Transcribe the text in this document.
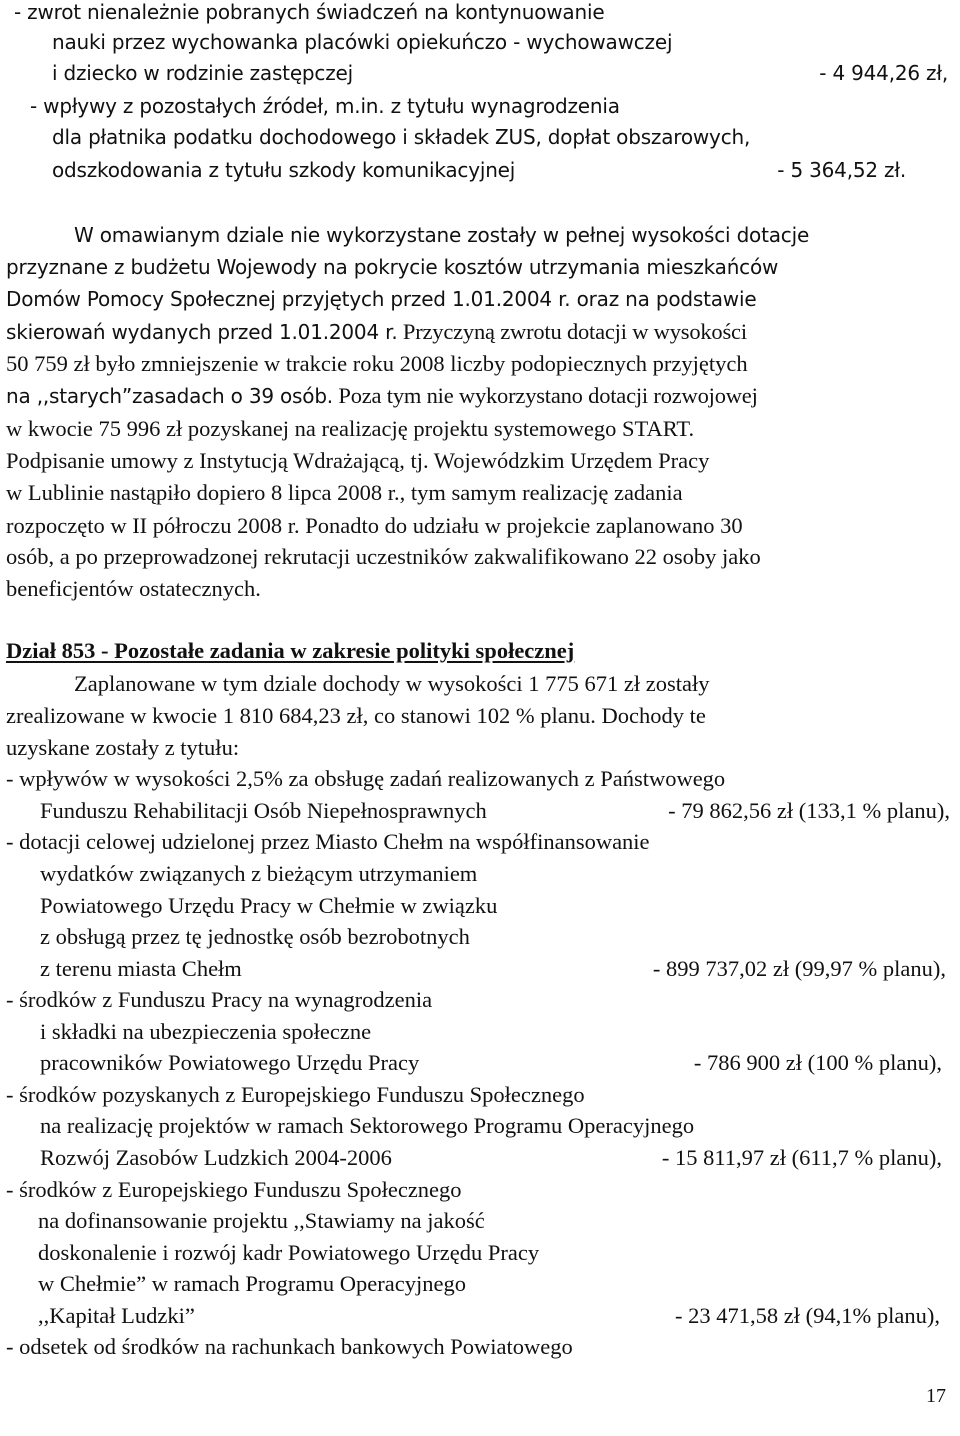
- zwrot nienależnie pobranych świadczeń na kontynuowanie
nauki przez wychowanka placówki opiekuńczo - wychowawczej
i dziecko w rodzinie zastępczej	- 4 944,26 zł,
- wpływy z pozostałych źródeł, m.in. z tytułu wynagrodzenia
dla płatnika podatku dochodowego i składek ZUS, dopłat obszarowych,
odszkodowania z tytułu szkody komunikacyjnej	- 5 364,52 zł.
W omawianym dziale nie wykorzystane zostały w pełnej wysokości dotacje
przyznane z budżetu Wojewody na pokrycie kosztów utrzymania mieszkańców
Domów Pomocy Społecznej przyjętych przed 1.01.2004 r. oraz na podstawie
skierowań wydanych przed 1.01.2004 r. Przyczyną zwrotu dotacji w wysokości
50 759 zł było zmniejszenie w trakcie roku 2008 liczby podopiecznych przyjętych
na ,,starych”zasadach o 39 osób. Poza tym nie wykorzystano dotacji rozwojowej
w kwocie 75 996 zł pozyskanej na realizację projektu systemowego START.
Podpisanie umowy z Instytucją Wdrażającą, tj. Wojewódzkim Urzędem Pracy
w Lublinie nastąpiło dopiero 8 lipca 2008 r., tym samym realizację zadania
rozpoczęto w II półroczu 2008 r. Ponadto do udziału w projekcie zaplanowano 30
osób, a po przeprowadzonej rekrutacji uczestników zakwalifikowano 22 osoby jako
beneficjentów ostatecznych.
Dział 853 - Pozostałe zadania w zakresie polityki społecznej
Zaplanowane w tym dziale dochody w wysokości 1 775 671 zł zostały
zrealizowane w kwocie 1 810 684,23 zł, co stanowi 102 % planu. Dochody te
uzyskane zostały z tytułu:
- wpływów w wysokości 2,5% za obsługę zadań realizowanych z Państwowego
Funduszu Rehabilitacji Osób Niepełnosprawnych	- 79 862,56 zł (133,1 % planu),
- dotacji celowej udzielonej przez Miasto Chełm na współfinansowanie
wydatków związanych z bieżącym utrzymaniem
Powiatowego Urzędu Pracy w Chełmie w związku
z obsługą przez tę jednostkę osób bezrobotnych
z terenu miasta Chełm	- 899 737,02 zł (99,97 % planu),
- środków z Funduszu Pracy na wynagrodzenia
i składki na ubezpieczenia społeczne
pracowników Powiatowego Urzędu Pracy	- 786 900 zł (100 % planu),
- środków pozyskanych z Europejskiego Funduszu Społecznego
na realizację projektów w ramach Sektorowego Programu Operacyjnego
Rozwój Zasobów Ludzkich 2004-2006	- 15 811,97 zł (611,7 % planu),
- środków z Europejskiego Funduszu Społecznego
na dofinansowanie projektu ,,Stawiamy na jakość
doskonalenie i rozwój kadr Powiatowego Urzędu Pracy
w Chełmie” w ramach Programu Operacyjnego
,,Kapitał Ludzki”	- 23 471,58 zł (94,1% planu),
- odsetek od środków na rachunkach bankowych Powiatowego
17
